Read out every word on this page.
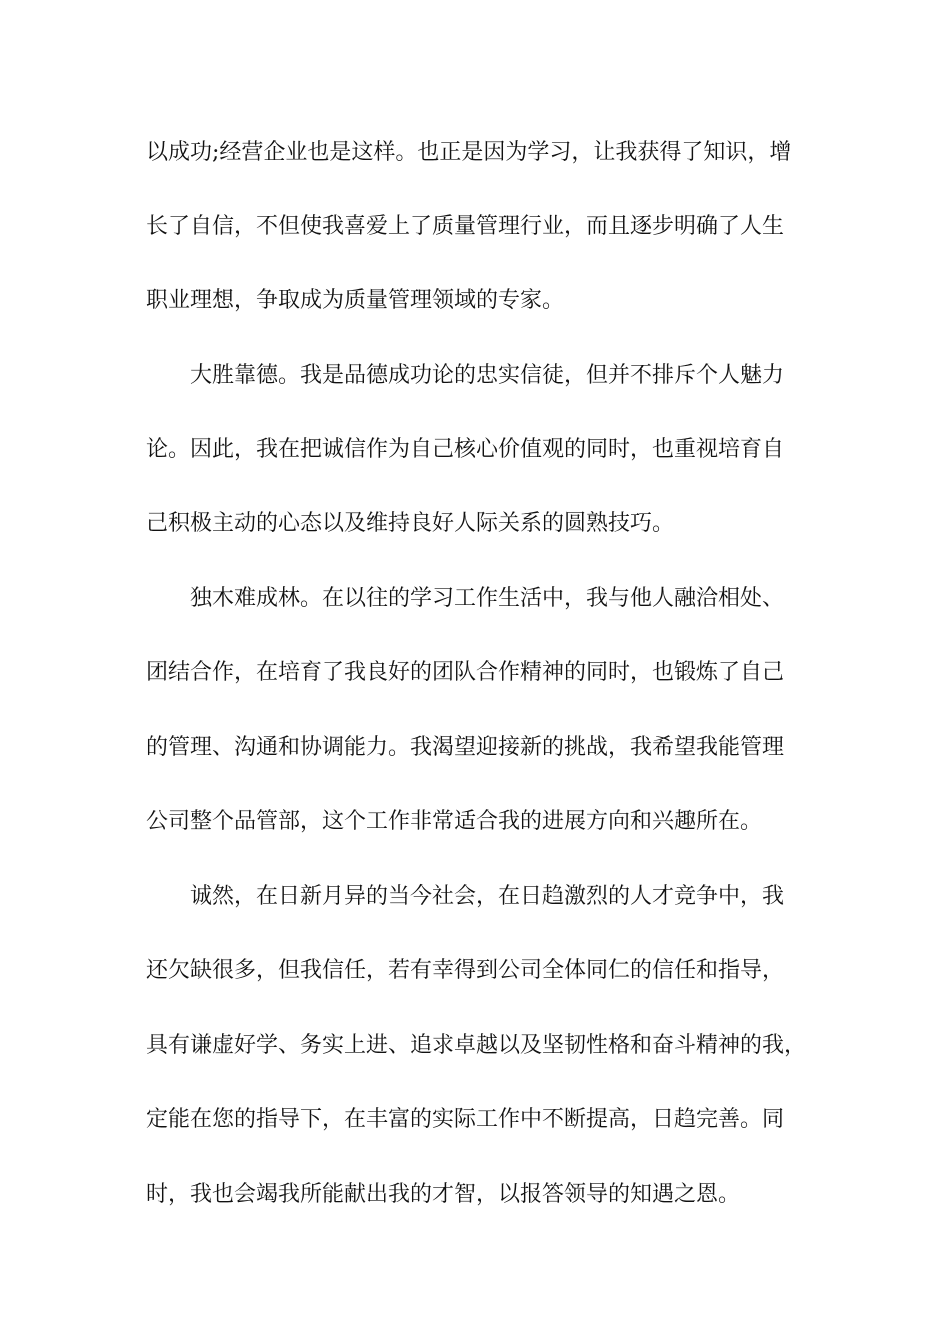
以成功;经营企业也是这样。也正是因为学习，让我获得了知识，增
长了自信，不但使我喜爱上了质量管理行业，而且逐步明确了人生
职业理想，争取成为质量管理领域的专家。
大胜靠德。我是品德成功论的忠实信徒，但并不排斥个人魅力
论。因此，我在把诚信作为自己核心价值观的同时，也重视培育自
己积极主动的心态以及维持良好人际关系的圆熟技巧。
独木难成林。在以往的学习工作生活中，我与他人融洽相处、
团结合作，在培育了我良好的团队合作精神的同时，也锻炼了自己
的管理、沟通和协调能力。我渴望迎接新的挑战，我希望我能管理
公司整个品管部，这个工作非常适合我的进展方向和兴趣所在。
诚然，在日新月异的当今社会，在日趋激烈的人才竞争中，我
还欠缺很多，但我信任，若有幸得到公司全体同仁的信任和指导，
具有谦虚好学、务实上进、追求卓越以及坚韧性格和奋斗精神的我，
定能在您的指导下，在丰富的实际工作中不断提高，日趋完善。同
时，我也会竭我所能献出我的才智，以报答领导的知遇之恩。
